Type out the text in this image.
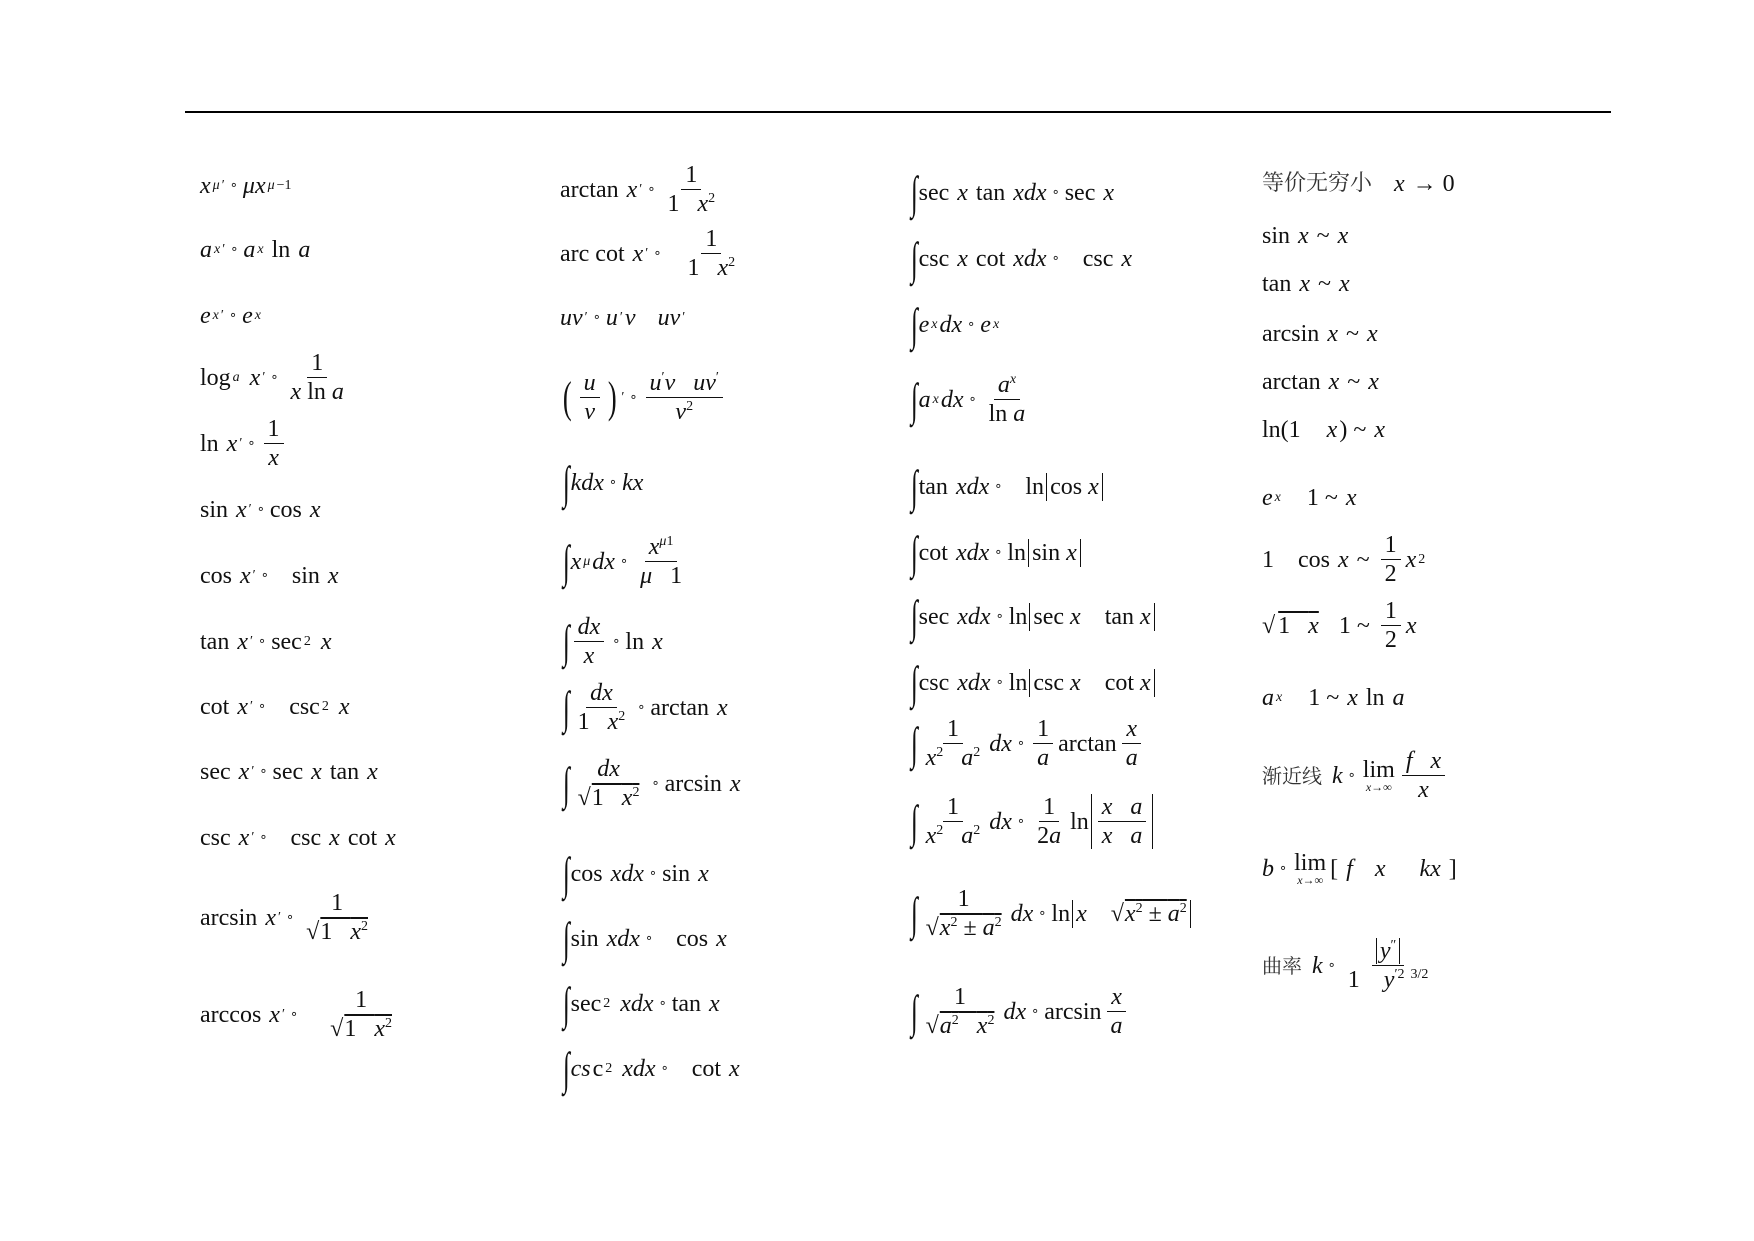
x μ ′ ∘ μx μ −1
a x ′ ∘ a x ln a
e x ′ ∘ e x
log a
x ′ ∘
1
x ln a
ln x ′ ∘
1
x
sin x ′ ∘ cos x
cos x ′ ∘ sin x
tan x ′ ∘ sec 2
x
cot x ′ ∘ csc 2
x
sec x ′ ∘ sec x tan x
csc x ′ ∘ csc x cot x
arcsin x ′ ∘
1
√1   $x^2$
arccos x ′ ∘

1
√1   $x^2$
arctan x ′ ∘
1
1   $x^2$
arc cot x ′ ∘

1
1   $x^2$
uv ′ ∘ u ′ v
uv ′
( u
v ) ′ ∘
u′v uv′
$v^2$
∫ kdx ∘ kx
∫ x μ dx ∘
$x^{\mu 1}$
μ   1
∫ dx
x
∘ ln x
∫ dx
1   $x^2$
∘ arctan x
∫ dx
√1   $x^2$
∘ arcsin x
∫ cos xdx ∘ sin x
∫ sin xdx ∘ cos x
∫ sec 2
xdx ∘ tan x
∫ cs c 2
xdx ∘ cot x
∫ sec x tan xdx ∘ sec x
∫ csc x cot xdx ∘ csc x
∫ e x dx ∘ e x
∫ a x dx ∘
$a^x$
ln a
∫ tan xdx ∘ ln cos x
∫ cot xdx ∘ ln sin x
∫ sec xdx ∘ ln sec x    tan x
∫ csc xdx ∘ ln csc x    cot x
∫ 1
$x^2$ $a^2$ dx ∘
1
a
arctan
x
a
∫ 1
$x^2$ $a^2$ dx ∘
1
2a
$\ln \frac{\text{x a}}{\text{x a}}$
∫ 1
$√x^2 \pm a^2$ dx ∘ ln x    $√x^2 \pm a^2$
∫ 1
$√a^2$ $x^2$ dx ∘ arcsin
x
a
等价无穷小
x → 0
sin x ~ x
tan x ~ x
arcsin x ~ x
arctan x ~ x
ln(1 x ) ~ x
e x 1 ~ x
1    cos x ~
1
2
x 2
√ 1   x 1 ~
1
2
x
a x 1 ~ x ln a
渐近线
k ∘ lim
x→∞
f x
x
b ∘ lim
x→∞ [ f
x
kx ]
曲率
k ∘
y″
1    $y^{'2}$ $^{3/2}$
